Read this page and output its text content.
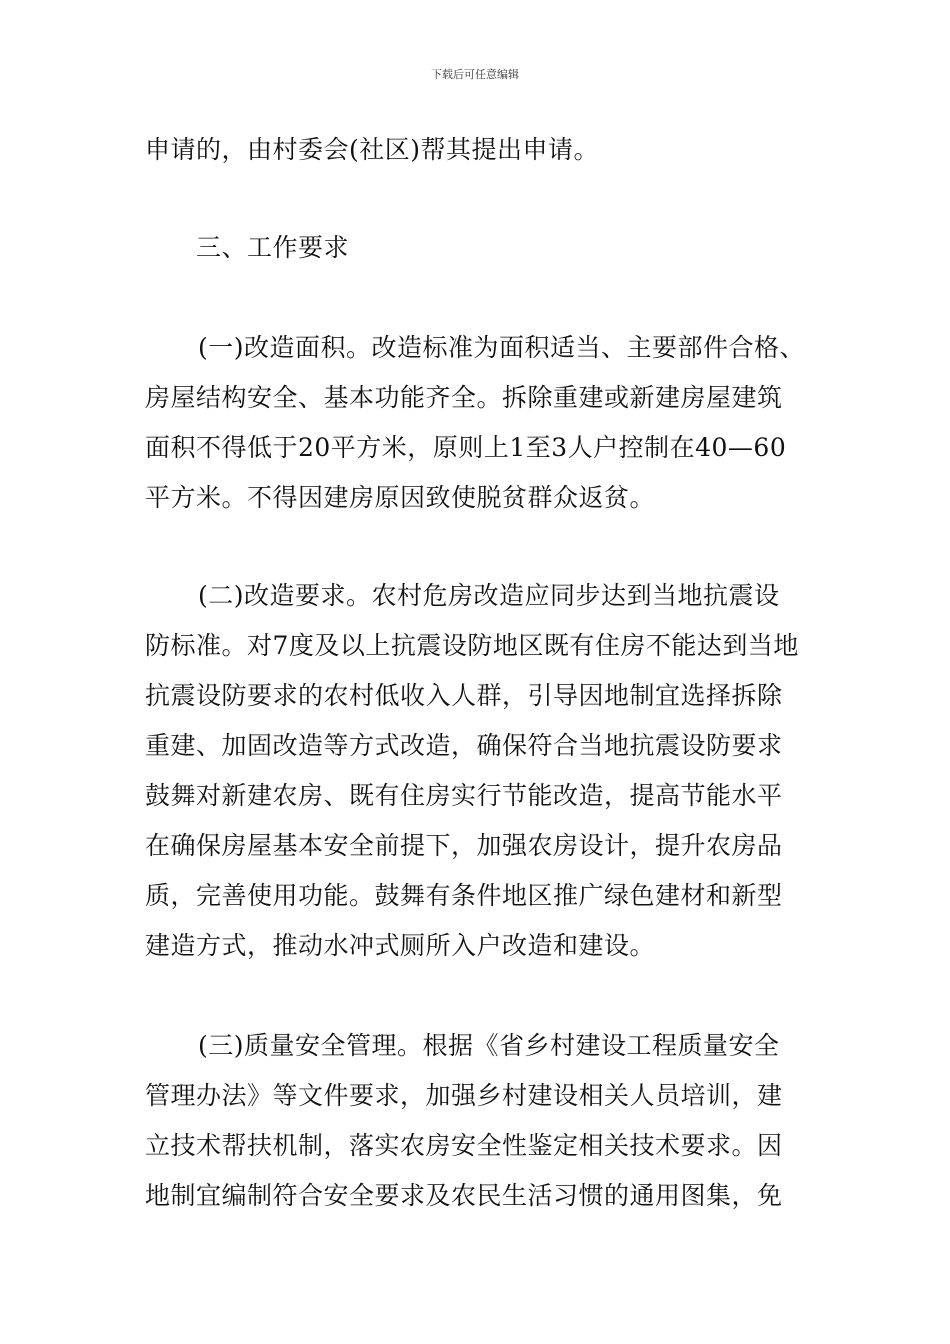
下载后可任意编辑
申请的，由村委会(社区)帮其提出申请。
三、工作要求
(一)改造面积。改造标准为面积适当、主要部件合格、
房屋结构安全、基本功能齐全。拆除重建或新建房屋建筑
面积不得低于20平方米，原则上1至3人户控制在40—60
平方米。不得因建房原因致使脱贫群众返贫。
(二)改造要求。农村危房改造应同步达到当地抗震设
防标准。对7度及以上抗震设防地区既有住房不能达到当地
抗震设防要求的农村低收入人群，引导因地制宜选择拆除
重建、加固改造等方式改造，确保符合当地抗震设防要求
鼓舞对新建农房、既有住房实行节能改造，提高节能水平
在确保房屋基本安全前提下，加强农房设计，提升农房品
质，完善使用功能。鼓舞有条件地区推广绿色建材和新型
建造方式，推动水冲式厕所入户改造和建设。
(三)质量安全管理。根据《省乡村建设工程质量安全
管理办法》等文件要求，加强乡村建设相关人员培训，建
立技术帮扶机制，落实农房安全性鉴定相关技术要求。因
地制宜编制符合安全要求及农民生活习惯的通用图集，免
